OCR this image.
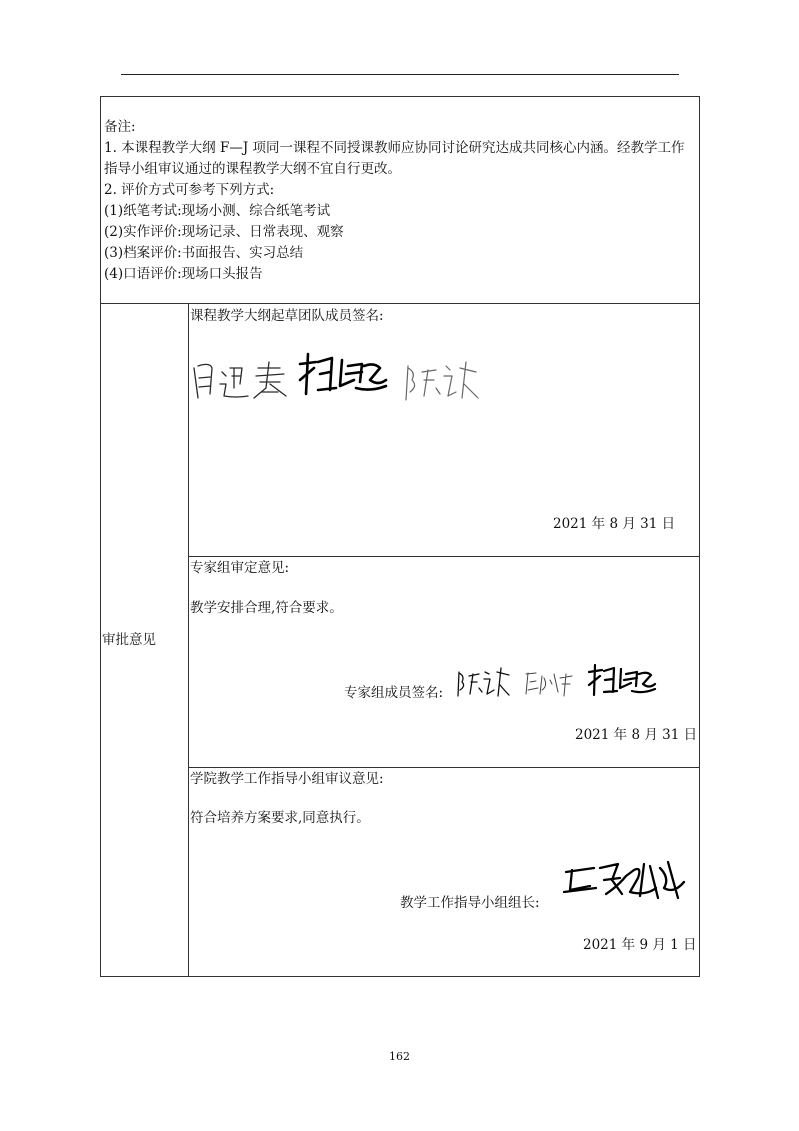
备注:
1. 本课程教学大纲 F—J 项同一课程不同授课教师应协同讨论研究达成共同核心内涵。经教学工作
指导小组审议通过的课程教学大纲不宜自行更改。
2. 评价方式可参考下列方式:
(1)纸笔考试:现场小测、综合纸笔考试
(2)实作评价:现场记录、日常表现、观察
(3)档案评价:书面报告、实习总结
(4)口语评价:现场口头报告
审批意见
课程教学大纲起草团队成员签名:
2021 年 8 月 31 日
专家组审定意见:
教学安排合理,符合要求。
专家组成员签名:
2021 年 8 月 31 日
学院教学工作指导小组审议意见:
符合培养方案要求,同意执行。
教学工作指导小组组长:
2021 年 9 月 1 日
162
